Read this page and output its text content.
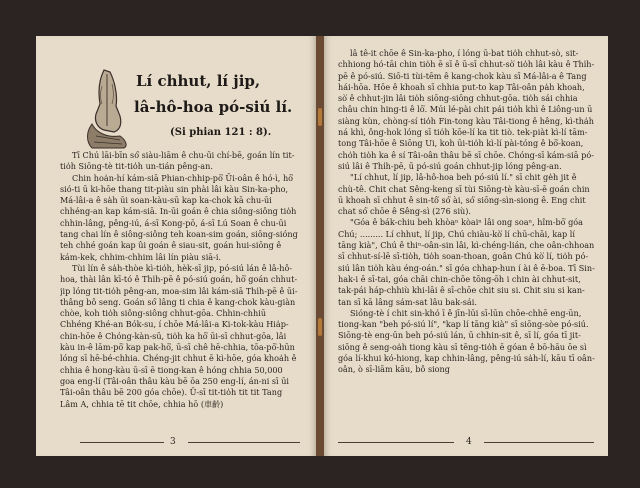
Lí chhut, lí jip,
lâ-hô-hoa pó-siú lí.
(Si phian 121 : 8).

Tī Chú lāi-bīn só͘ siàu-liām ê chu-ūi chí-bē, goán lín tit-tio̍h Siōng-tè tit-tio̍h un-tián pêng-an.

Chin hoa̍n-hí kám-siā Phian-chhip-pō͘ Ūi-oân ê hó-ì, hō͘ sió-ti ū ki-hōe thang tit-piàu sin phài lâi kàu Sin-ka-pho, Má-lâi-a ê sa̍h ūi soan-kàu-sū kap ka-chok kā chu-ūi chhéng-an kap kám-siā. In-ūi goán ê chia siông-siông tio̍h chhin-lâng, pêng-iú, á-sī Kong-pō, á-sī Lú Soan ê chu-ūi tang chai lín ê siông-siông teh koan-sim goán, siōng-sióng teh chhé goán kap ûi goán ê siau-sit, goán hui-siōng ê kám-kek, chhim-chhim lâi lín piàu siā-i.

Tùi lín ê sa̍h-thòe kì-tio̍h, hèk-sī jip, pó-siú lán ê lâ-hô-hoa, thài lân kī-tó ê Thi̍h-pē ê pó-siú goán, hō͘ goán chhut-jip lóng tit-tio̍h pêng-an, moa-sim lâi kám-siā Thi̍h-pē ê ūi-thâng bô seng. Goán só͘ lâng ti chia ê kang-chok kàu-giàn chòe, koh tio̍h siông-siông chhut-gōa. Chhin-chhiū Chhéng Khé-an Bók-su, í chōe Má-lâi-a Ki-tok-kàu Hia̍p-chin-hōe ê Chóng-kàn-sū, tio̍h ka hō͘ ūi-sī chhut-gōa, lâi kàu in-ê lām-pō͘ kap pak-hō͘, ū-sī chê hē-chhia, tōa-pō͘-hūn lóng sī hē-bé-chhia. Chéng-jit chhut ē kì-hōe, góa khoa̍h ê chhia ê hong-kàu ū-sī ē tiong-kan ê hóng chhia 50,000 goa eng-lí (Tâi-oân thâu kàu bē ōa 250 eng-lí, án-ni sī ūi Tâi-oân thâu bē 200 góa chōe). Ū-sī tit-tio̍h tit tit Tang Lâm A, chhia tē tit chōe, chhia hō (車齡)

3

lâ tê-it chōe ê Sin-ka-pho, í lóng ū-bat tio̍h chhut-sò, sit-chhiong hó-tāi chin tio̍h ē sī ê ū-sī chhut-sò͘ tio̍h lâi kàu ê Thi̍h-pē ê pó-siú. Siō-ti tùi-tēm ê kang-chok kàu sī Má-lâi-a ê Tang hái-hōa. Hōe ê khoah sī chhia put-to kap Tâi-oân pa̍h khoah, sò͘ ê chhut-jin lâi tio̍h siōng-siōng chhut-gōa. tio̍h sái chhia châu chin hing-ti ê lō͘. Múi lé-pài chit pái tio̍h khì ê Liông-un ū siàng kùn, chòng-sí tio̍h Fin-tong kàu Tâi-tiong ê hêng, kì-tha̍h ná khì, ông-hok lóng sī tio̍h kōe-lí ka tit tiò. tek-piàt kì-lí tām-tong Tâi-hōe ê Siōng Ui, koh ūi-tio̍h kì-lí pài-tóng ê bō͘-koan, cho̍h tio̍h ka ê sí Tâi-oân thâu bē sī chōe. Chóng-sī kám-siā pó-siú lâi ê Thi̍h-pē, ū pó-siú goán chhut-jip lóng pêng-an.

"Lí chhut, lí jip, lâ-hô-hoa beh pó-siú lí." sī chit ge̍h jit ê chù-tê. Chit chat Sêng-keng sī tùi Siōng-tè kàu-sī-ē goán chin ū khoah sī chhut ê sin-tô͘ só͘ ài, só͘ siōng-sìn-siong ê. Eng chit chat só͘ chōe ê Sêng-sì (276 siù).

"Góa ê bák-chiu beh khòaⁿ kòaiⁿ lâi ong soaⁿ, hîm-bō͘ góa Chú; ......... Lí chhut, lí jip, Chú chiàu-kò͘ lí chū-chāi, kap lí tāng kià", Chú ê thiⁿ-oân-sin lâi, kì-chéng-lián, che oân-chhoan sī chhut-sí-lē sī-tio̍h, tio̍h soan-thoan, goân Chú kò͘ lí, tio̍h pó-siú lân tio̍h kàu éng-oán." sī góa chhap-hun í ài ê ē-boa. Tī Sin-hak-i ē sī-tai, góa chāi chin-chōe tōng-ōh i chin ài chhut-sit, tak-pái háp-chhiù khi-lāi ê sī-chōe chit siu si. Chit siu si kan-tan sī kā lâng sám-sat lâu bak-sái.

Sióng-tè í chit sin-khó ī ê jīn-lūi sī-lūn chōe-chhē eng-ūn, tiong-kan "beh pó-siú lí", "kap lí tāng kià" sī siōng-sòe pó-siú. Siōng-tè eng-ūn beh pó-siú lán, ū chhin-sit ê, sī lí, góa tī jit-siōng ê seng-oa̍h tiong kàu sī tēng-tio̍h ē góan ê bō-hāu ōe sì góa lí-khui kó-hiong, kap chhin-lâng, pêng-iú sa̍h-lí, kāu tī oân-oân, ò sī-liām kāu, bô siong

4
